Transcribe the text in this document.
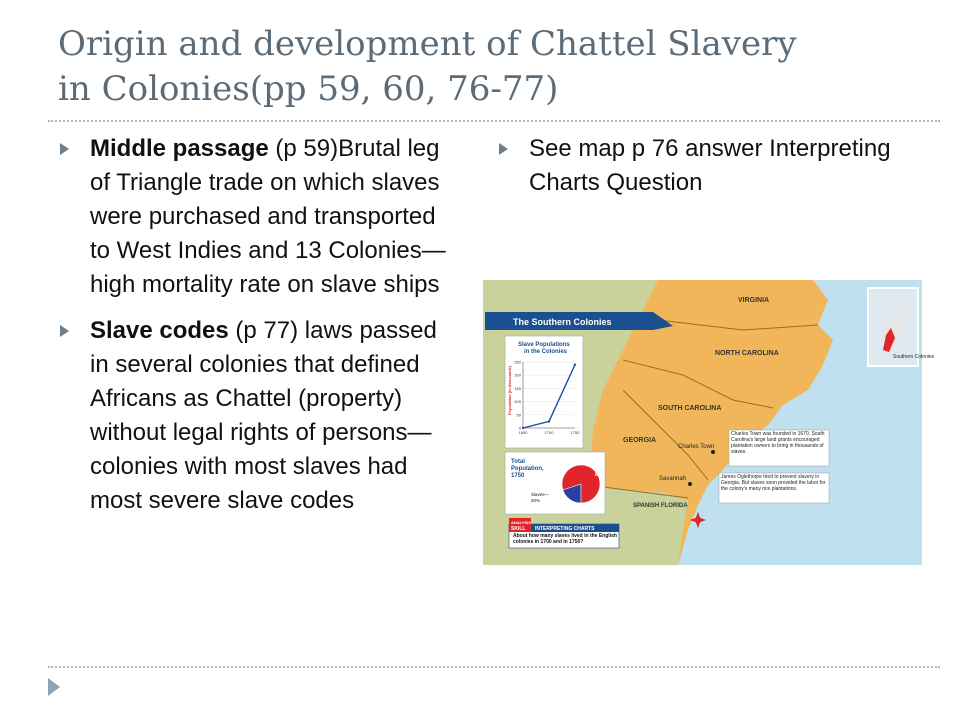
Origin and development of Chattel Slavery
in Colonies(pp 59, 60, 76-77)
Middle passage (p 59)Brutal leg of Triangle trade on which slaves were purchased and transported to West Indies and 13 Colonies—high mortality rate on slave ships
Slave codes (p 77) laws passed in several colonies that defined Africans as Chattel (property) without legal rights of persons— colonies with most slaves had most severe slave codes
See map p 76 answer Interpreting Charts Question
Southern Colonies
The Southern Colonies
VIRGINIA
NORTH CAROLINA
SOUTH CAROLINA
GEORGIA
SPANISH FLORIDA
Charles Town
Savannah
Charles Town was founded in 1670. South Carolina's large land grants encouraged plantation owners to bring in thousands of slaves.
James Oglethorpe tried to prevent slavery in Georgia. But slaves soon provided the labor for the colony's many rice plantations.
Slave Populations
in the Colonies
0
50
100
150
200
250
1650	1700	1750
Population (in thousands)
Total
Population,
1750	80%
Slaves—
20%
ANALYSIS
SKILL INTERPRETING CHARTS
About how many slaves lived in the English colonies in 1700 and in 1750?
